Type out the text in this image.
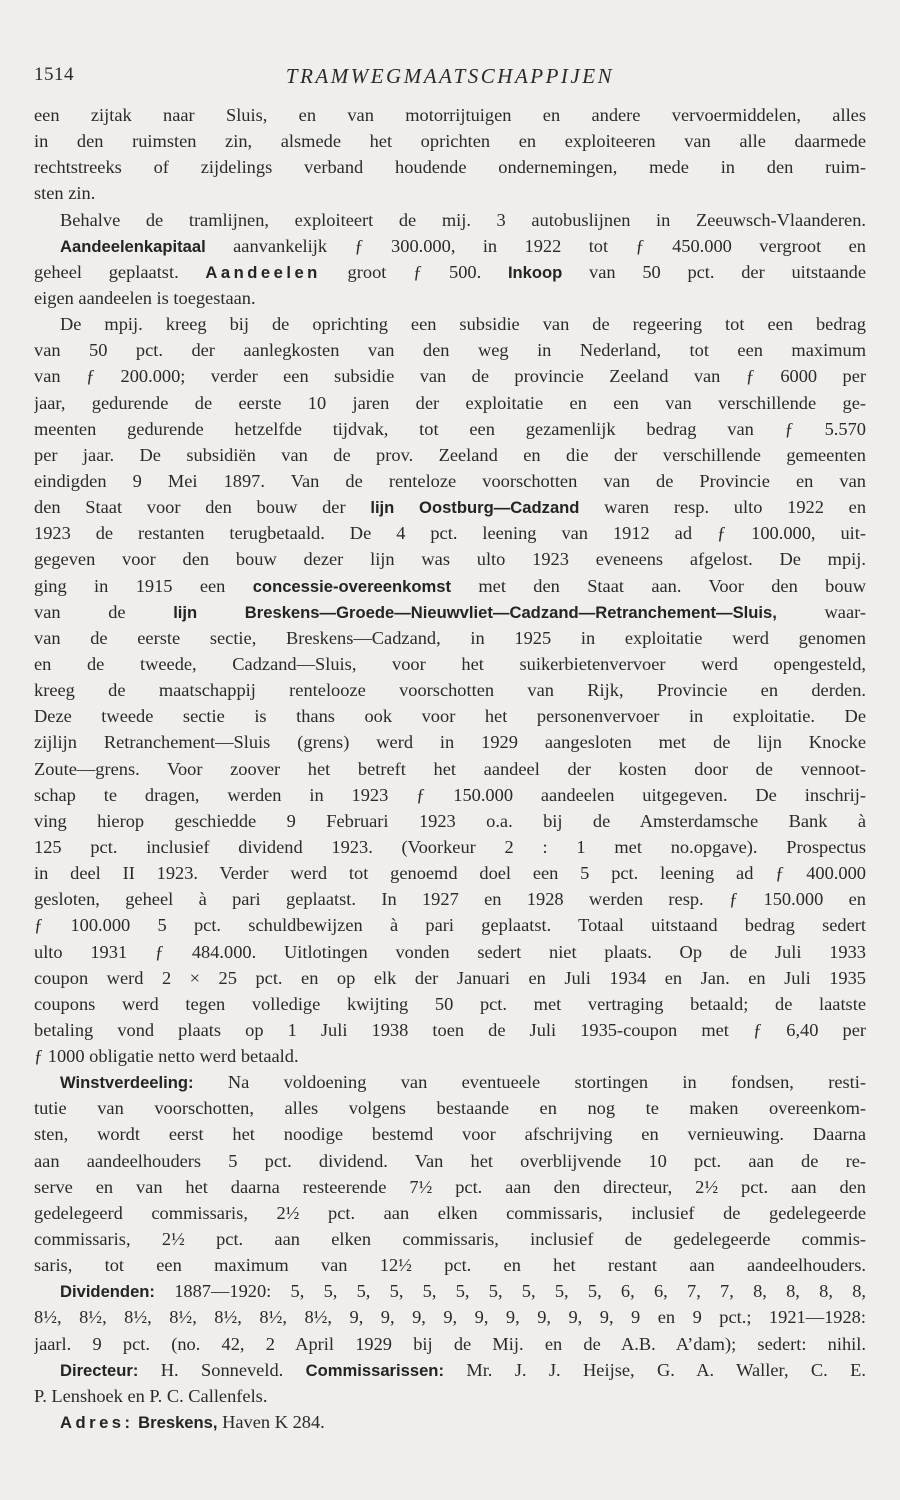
1514	TRAMWEGMAATSCHAPPIJEN
een zijtak naar Sluis, en van motorrijtuigen en andere vervoermiddelen, alles
in den ruimsten zin, alsmede het oprichten en exploiteeren van alle daarmede
rechtstreeks of zijdelings verband houdende ondernemingen, mede in den ruim-
sten zin.
Behalve de tramlijnen, exploiteert de mij. 3 autobuslijnen in Zeeuwsch-Vlaanderen.
Aandeelenkapitaal aanvankelijk ƒ 300.000, in 1922 tot ƒ 450.000 vergroot en
geheel geplaatst. Aandeelen groot ƒ 500. Inkoop van 50 pct. der uitstaande
eigen aandeelen is toegestaan.
De mpij. kreeg bij de oprichting een subsidie van de regeering tot een bedrag
van 50 pct. der aanlegkosten van den weg in Nederland, tot een maximum
van ƒ 200.000; verder een subsidie van de provincie Zeeland van ƒ 6000 per
jaar, gedurende de eerste 10 jaren der exploitatie en een van verschillende ge-
meenten gedurende hetzelfde tijdvak, tot een gezamenlijk bedrag van ƒ 5.570
per jaar. De subsidiën van de prov. Zeeland en die der verschillende gemeenten
eindigden 9 Mei 1897. Van de renteloze voorschotten van de Provincie en van
den Staat voor den bouw der lijn Oostburg—Cadzand waren resp. ulto 1922 en
1923 de restanten terugbetaald. De 4 pct. leening van 1912 ad ƒ 100.000, uit-
gegeven voor den bouw dezer lijn was ulto 1923 eveneens afgelost. De mpij.
ging in 1915 een concessie-overeenkomst met den Staat aan. Voor den bouw
van de lijn Breskens—Groede—Nieuwvliet—Cadzand—Retranchement—Sluis, waar-
van de eerste sectie, Breskens—Cadzand, in 1925 in exploitatie werd genomen
en de tweede, Cadzand—Sluis, voor het suikerbietenvervoer werd opengesteld,
kreeg de maatschappij rentelooze voorschotten van Rijk, Provincie en derden.
Deze tweede sectie is thans ook voor het personenvervoer in exploitatie. De
zijlijn Retranchement—Sluis (grens) werd in 1929 aangesloten met de lijn Knocke
Zoute—grens. Voor zoover het betreft het aandeel der kosten door de vennoot-
schap te dragen, werden in 1923 ƒ 150.000 aandeelen uitgegeven. De inschrij-
ving hierop geschiedde 9 Februari 1923 o.a. bij de Amsterdamsche Bank à
125 pct. inclusief dividend 1923. (Voorkeur 2 : 1 met no.opgave). Prospectus
in deel II 1923. Verder werd tot genoemd doel een 5 pct. leening ad ƒ 400.000
gesloten, geheel à pari geplaatst. In 1927 en 1928 werden resp. ƒ 150.000 en
ƒ 100.000 5 pct. schuldbewijzen à pari geplaatst. Totaal uitstaand bedrag sedert
ulto 1931 ƒ 484.000. Uitlotingen vonden sedert niet plaats. Op de Juli 1933
coupon werd 2 × 25 pct. en op elk der Januari en Juli 1934 en Jan. en Juli 1935
coupons werd tegen volledige kwijting 50 pct. met vertraging betaald; de laatste
betaling vond plaats op 1 Juli 1938 toen de Juli 1935-coupon met ƒ 6,40 per
ƒ 1000 obligatie netto werd betaald.
Winstverdeeling: Na voldoening van eventueele stortingen in fondsen, resti-
tutie van voorschotten, alles volgens bestaande en nog te maken overeenkom-
sten, wordt eerst het noodige bestemd voor afschrijving en vernieuwing. Daarna
aan aandeelhouders 5 pct. dividend. Van het overblijvende 10 pct. aan de re-
serve en van het daarna resteerende 7½ pct. aan den directeur, 2½ pct. aan den
gedelegeerd commissaris, 2½ pct. aan elken commissaris, inclusief de gedelegeerde
commissaris, 2½ pct. aan elken commissaris, inclusief de gedelegeerde commis-
saris, tot een maximum van 12½ pct. en het restant aan aandeelhouders.
Dividenden: 1887—1920: 5, 5, 5, 5, 5, 5, 5, 5, 5, 5, 6, 6, 7, 7, 8, 8, 8, 8,
8½, 8½, 8½, 8½, 8½, 8½, 8½, 9, 9, 9, 9, 9, 9, 9, 9, 9, 9 en 9 pct.; 1921—1928:
jaarl. 9 pct. (no. 42, 2 April 1929 bij de Mij. en de A.B. A’dam); sedert: nihil.
Directeur: H. Sonneveld. Commissarissen: Mr. J. J. Heijse, G. A. Waller, C. E.
P. Lenshoek en P. C. Callenfels.
Adres: Breskens, Haven K 284.
